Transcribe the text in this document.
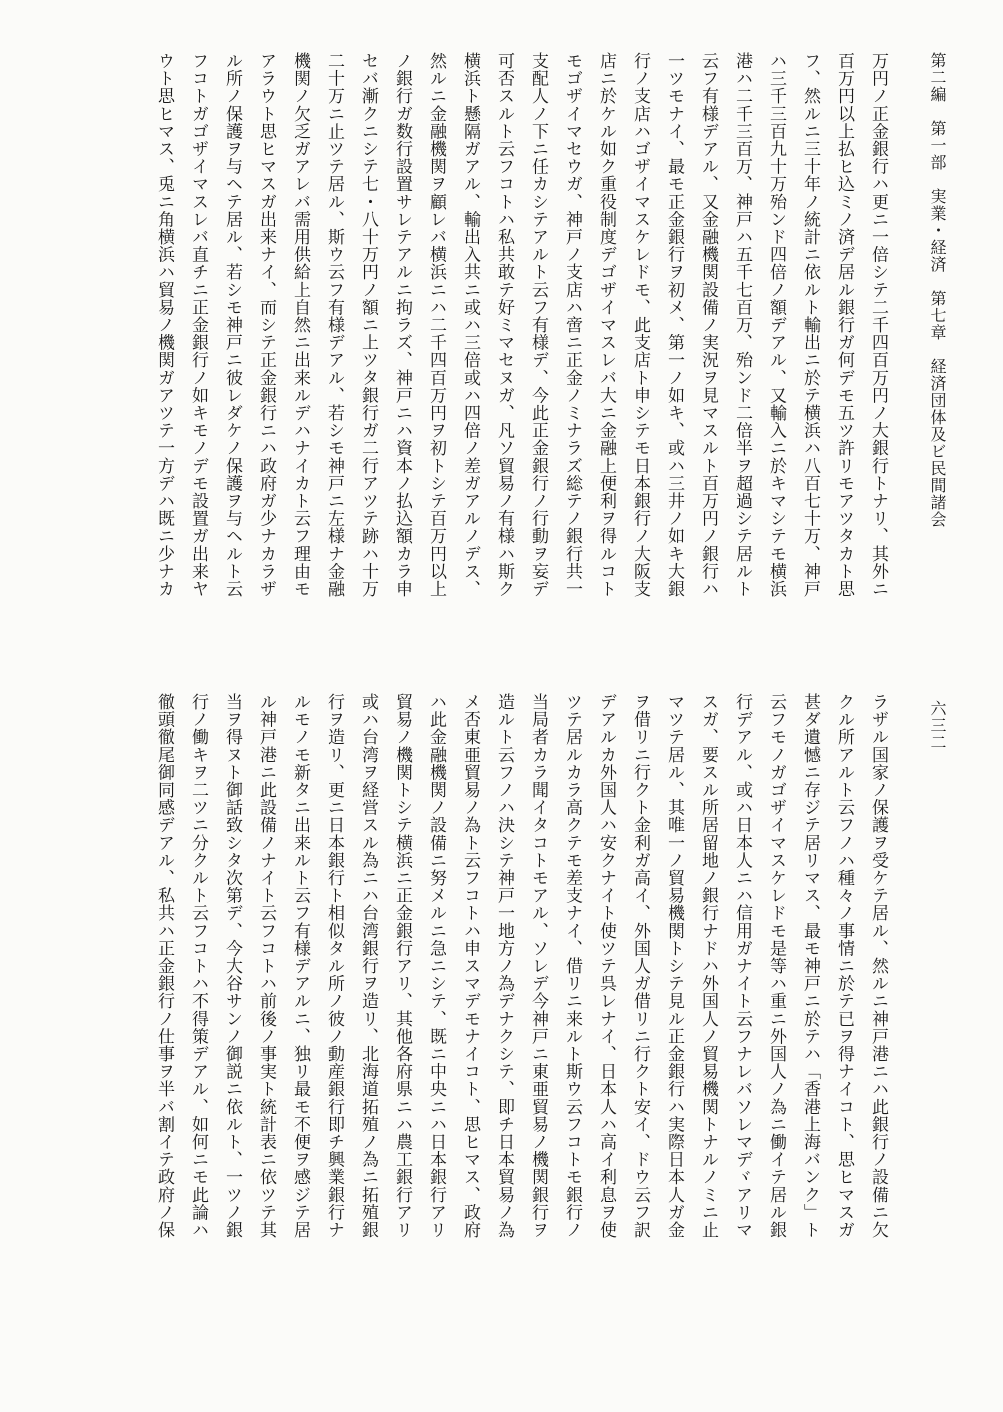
第二編　第一部　実業・経済　第七章　経済団体及ビ民間諸会
六三二
万円ノ正金銀行ハ更ニ一倍シテ二千四百万円ノ大銀行トナリ、其外ニ
百万円以上払ヒ込ミノ済デ居ル銀行ガ何デモ五ツ許リモアツタカト思
フ、然ルニ三十年ノ統計ニ依ルト輸出ニ於テ横浜ハ八百七十万、神戸
ハ三千三百九十万殆ンド四倍ノ額デアル、又輸入ニ於キマシテモ横浜
港ハ二千三百万、神戸ハ五千七百万、殆ンド二倍半ヲ超過シテ居ルト
云フ有様デアル、又金融機関設備ノ実況ヲ見マスルト百万円ノ銀行ハ
一ツモナイ、最モ正金銀行ヲ初メ、第一ノ如キ、或ハ三井ノ如キ大銀
行ノ支店ハゴザイマスケレドモ、此支店ト申シテモ日本銀行ノ大阪支
店ニ於ケル如ク重役制度デゴザイマスレバ大ニ金融上便利ヲ得ルコト
モゴザイマセウガ、神戸ノ支店ハ啻ニ正金ノミナラズ総テノ銀行共一
支配人ノ下ニ任カシテアルト云フ有様デ、今此正金銀行ノ行動ヲ妄デ
可否スルト云フコトハ私共敢テ好ミマセヌガ、凡ソ貿易ノ有様ハ斯ク
横浜ト懸隔ガアル、輸出入共ニ或ハ三倍或ハ四倍ノ差ガアルノデス、
然ルニ金融機関ヲ顧レバ横浜ニハ二千四百万円ヲ初トシテ百万円以上
ノ銀行ガ数行設置サレテアルニ拘ラズ、神戸ニハ資本ノ払込額カラ申
セバ漸クニシテ七・八十万円ノ額ニ上ツタ銀行ガ二行アツテ跡ハ十万
二十万ニ止ツテ居ル、斯ウ云フ有様デアル、若シモ神戸ニ左様ナ金融
機関ノ欠乏ガアレバ需用供給上自然ニ出来ルデハナイカト云フ理由モ
アラウト思ヒマスガ出来ナイ、而シテ正金銀行ニハ政府ガ少ナカラザ
ル所ノ保護ヲ与ヘテ居ル、若シモ神戸ニ彼レダケノ保護ヲ与ヘルト云
フコトガゴザイマスレバ直チニ正金銀行ノ如キモノデモ設置ガ出来ヤ
ウト思ヒマス、兎ニ角横浜ハ貿易ノ機関ガアツテ一方デハ既ニ少ナカ
ラザル国家ノ保護ヲ受ケテ居ル、然ルニ神戸港ニハ此銀行ノ設備ニ欠
クル所アルト云フノハ種々ノ事情ニ於テ已ヲ得ナイコト、思ヒマスガ
甚ダ遺憾ニ存ジテ居リマス、最モ神戸ニ於テハ「香港上海バンク」ト
云フモノガゴザイマスケレドモ是等ハ重ニ外国人ノ為ニ働イテ居ル銀
行デアル、或ハ日本人ニハ信用ガナイト云フナレバソレマデヾアリマ
スガ、要スル所居留地ノ銀行ナドハ外国人ノ貿易機関トナルノミニ止
マツテ居ル、其唯一ノ貿易機関トシテ見ル正金銀行ハ実際日本人ガ金
ヲ借リニ行クト金利ガ高イ、外国人ガ借リニ行クト安イ、ドウ云フ訳
デアルカ外国人ハ安クナイト使ツテ呉レナイ、日本人ハ高イ利息ヲ使
ツテ居ルカラ高クテモ差支ナイ、借リニ来ルト斯ウ云フコトモ銀行ノ
当局者カラ聞イタコトモアル、ソレデ今神戸ニ東亜貿易ノ機関銀行ヲ
造ルト云フノハ決シテ神戸一地方ノ為デナクシテ、即チ日本貿易ノ為
メ否東亜貿易ノ為ト云フコトハ申スマデモナイコト、思ヒマス、政府
ハ此金融機関ノ設備ニ努メルニ急ニシテ、既ニ中央ニハ日本銀行アリ
貿易ノ機関トシテ横浜ニ正金銀行アリ、其他各府県ニハ農工銀行アリ
或ハ台湾ヲ経営スル為ニハ台湾銀行ヲ造リ、北海道拓殖ノ為ニ拓殖銀
行ヲ造リ、更ニ日本銀行ト相似タル所ノ彼ノ動産銀行即チ興業銀行ナ
ルモノモ新タニ出来ルト云フ有様デアルニ、独リ最モ不便ヲ感ジテ居
ル神戸港ニ此設備ノナイト云フコトハ前後ノ事実ト統計表ニ依ツテ其
当ヲ得ヌト御話致シタ次第デ、今大谷サンノ御説ニ依ルト、一ツノ銀
行ノ働キヲ二ツニ分クルト云フコトハ不得策デアル、如何ニモ此論ハ
徹頭徹尾御同感デアル、私共ハ正金銀行ノ仕事ヲ半バ割イテ政府ノ保
